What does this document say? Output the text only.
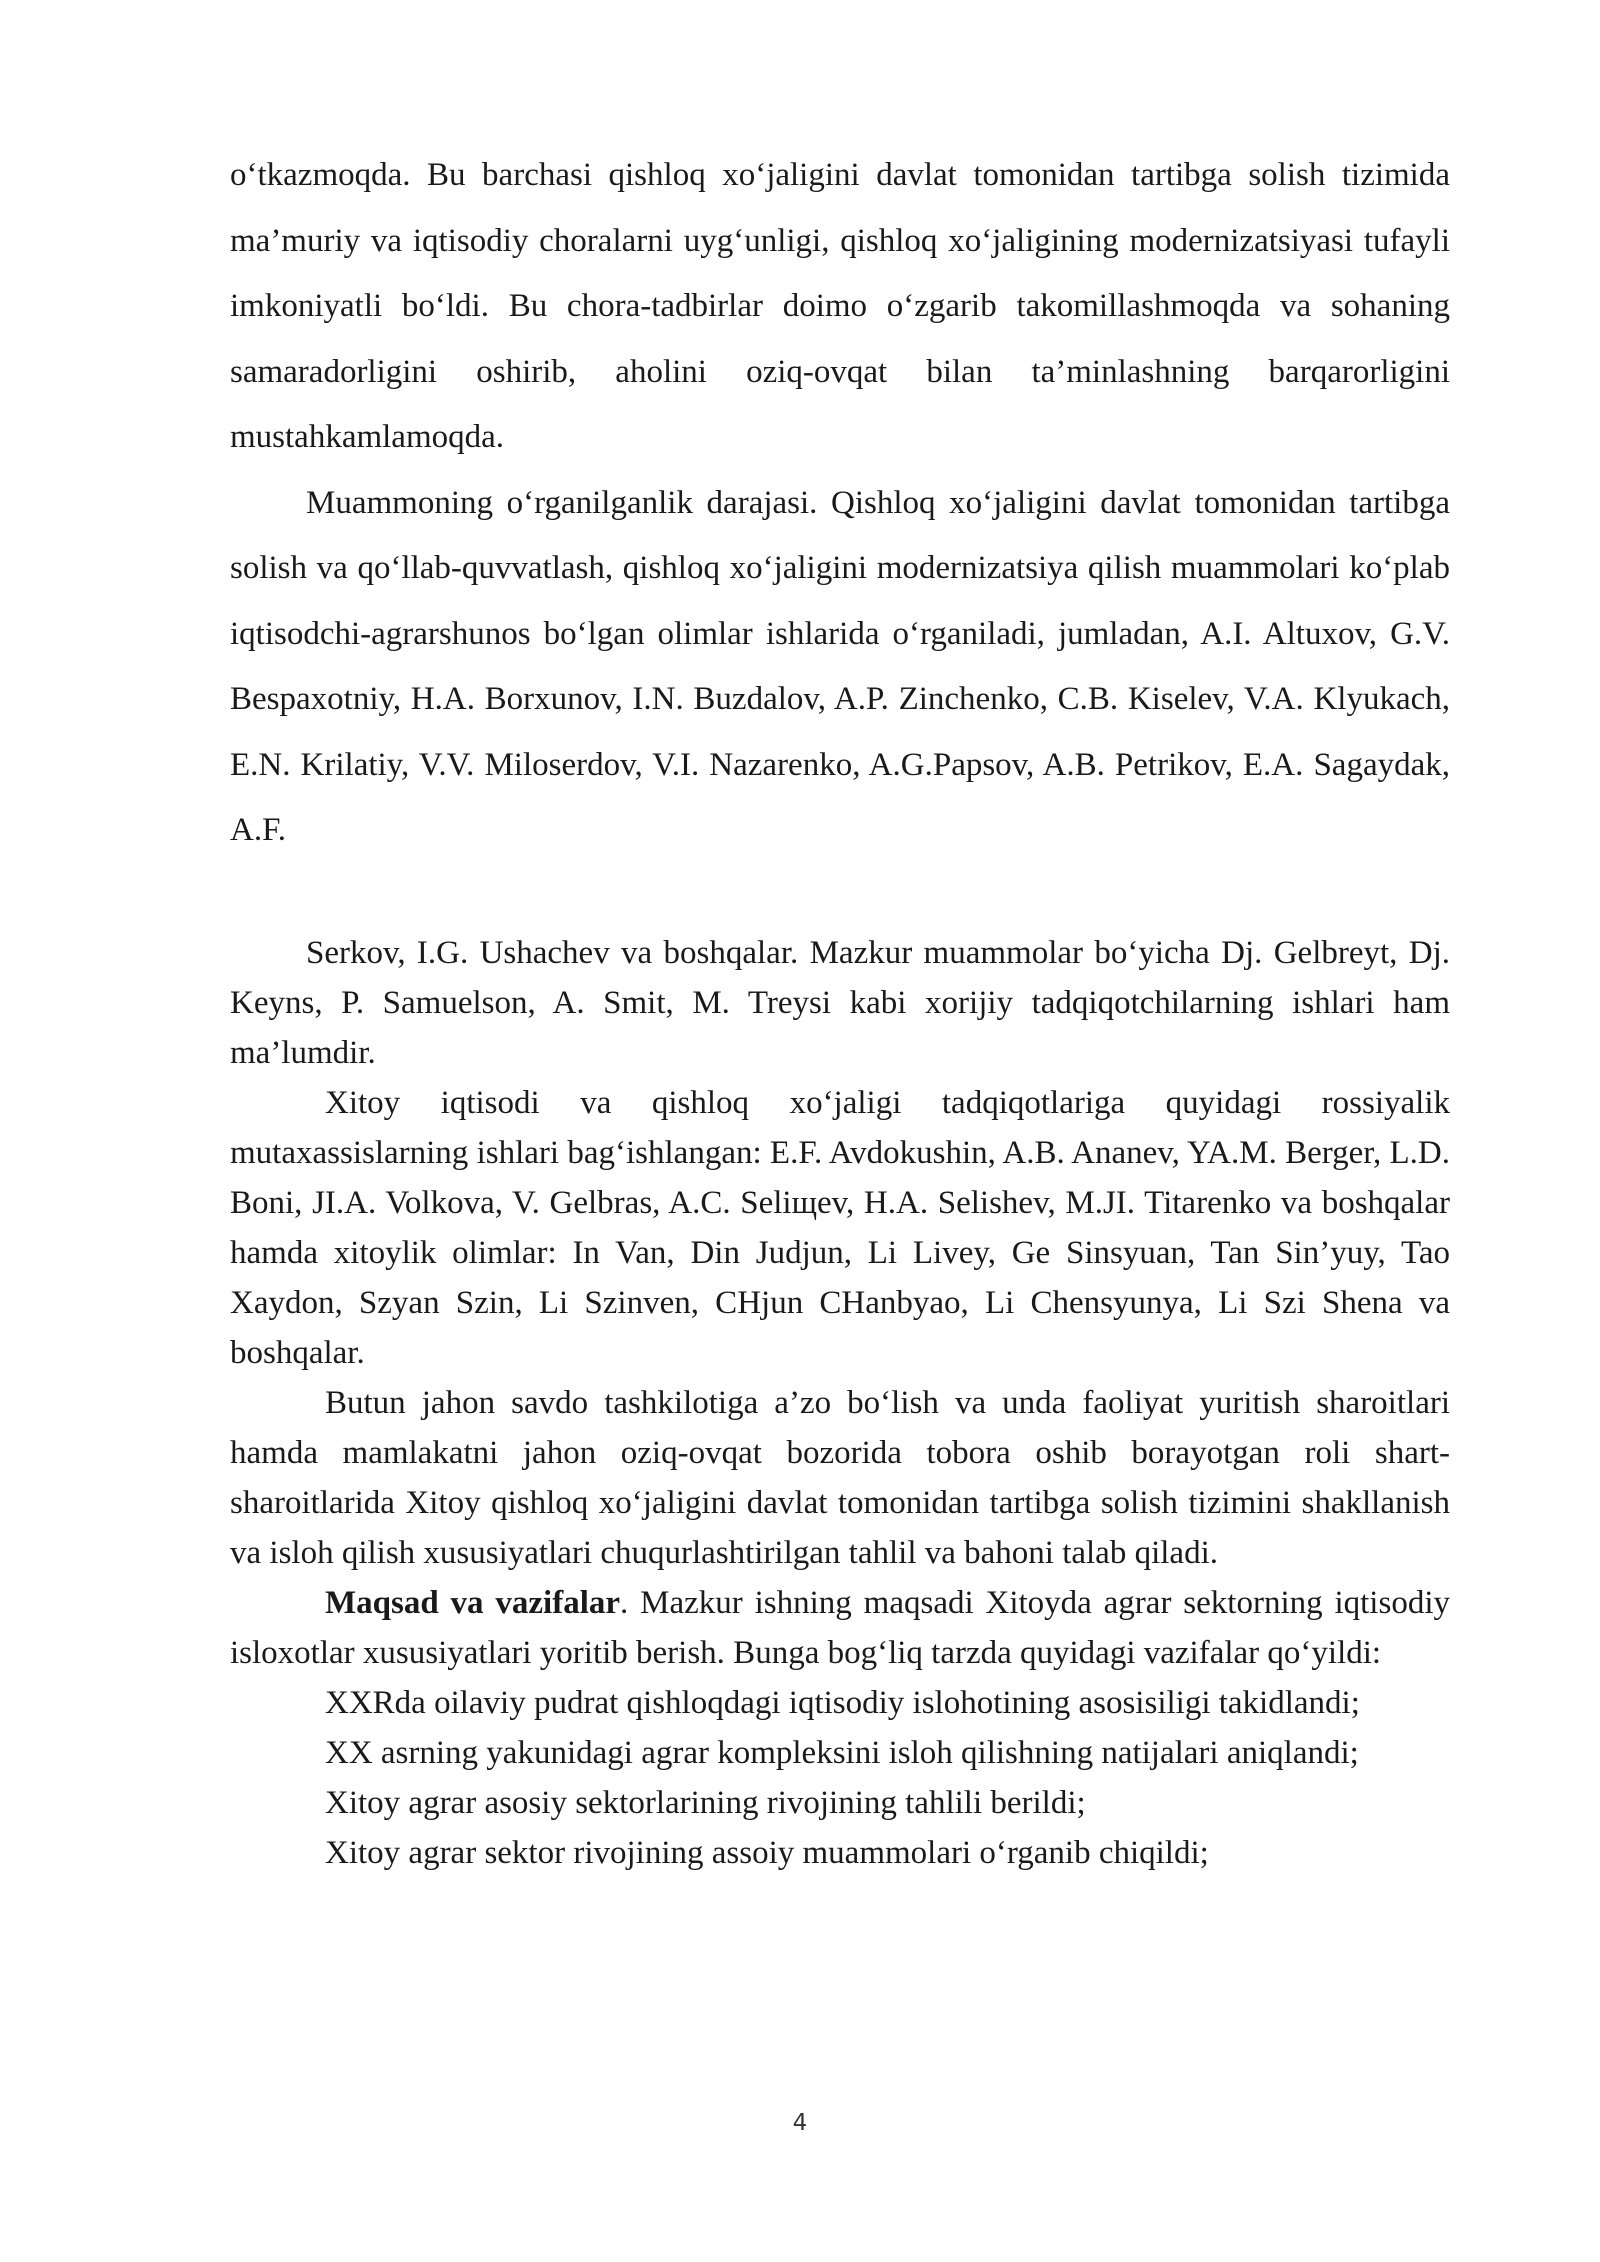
o‘tkazmoqda. Bu barchasi qishloq xo‘jaligini davlat tomonidan tartibga solish tizimida ma’muriy va iqtisodiy choralarni uyg‘unligi, qishloq xo‘jaligining modernizatsiyasi tufayli imkoniyatli bo‘ldi. Bu chora-tadbirlar doimo o‘zgarib takomillashmoqda va sohaning samaradorligini oshirib, aholini oziq-ovqat bilan ta’minlashning barqarorligini mustahkamlamoqda.

Muammoning o‘rganilganlik darajasi. Qishloq xo‘jaligini davlat tomonidan tartibga solish va qo‘llab-quvvatlash, qishloq xo‘jaligini modernizatsiya qilish muammolari ko‘plab iqtisodchi-agrarshunos bo‘lgan olimlar ishlarida o‘rganiladi, jumladan, A.I. Altuxov, G.V. Bespaxotniy, H.A. Borxunov, I.N. Buzdalov, A.P. Zinchenko, C.B. Kiselev, V.A. Klyukach, E.N. Krilatiy, V.V. Miloserdov, V.I. Nazarenko, A.G.Papsov, A.B. Petrikov, E.A. Sagaydak, A.F.

Serkov, I.G. Ushachev va boshqalar. Mazkur muammolar bo‘yicha Dj. Gelbreyt, Dj. Keyns, P. Samuelson, A. Smit, M. Treysi kabi xorijiy tadqiqotchilarning ishlari ham ma’lumdir.

Xitoy iqtisodi va qishloq xo‘jaligi tadqiqotlariga quyidagi rossiyalik mutaxassislarning ishlari bag‘ishlangan: E.F. Avdokushin, A.B. Ananev, YA.M. Berger, L.D. Boni, JI.A. Volkova, V. Gelbras, A.C. Seliщev, H.A. Selishev, M.JI. Titarenko va boshqalar hamda xitoylik olimlar: In Van, Din Judjun, Li Livey, Ge Sinsyuan, Tan Sin’yuy, Tao Xaydon, Szyan Szin, Li Szinven, CHjun CHanbyao, Li Chensyunya, Li Szi Shena va boshqalar.

Butun jahon savdo tashkilotiga a’zo bo‘lish va unda faoliyat yuritish sharoitlari hamda mamlakatni jahon oziq-ovqat bozorida tobora oshib borayotgan roli shart-sharoitlarida Xitoy qishloq xo‘jaligini davlat tomonidan tartibga solish tizimini shakllanish va isloh qilish xususiyatlari chuqurlashtirilgan tahlil va bahoni talab qiladi.

Maqsad va vazifalar. Mazkur ishning maqsadi Xitoyda agrar sektorning iqtisodiy isloxotlar xususiyatlari yoritib berish. Bunga bog‘liq tarzda quyidagi vazifalar qo‘yildi:

XXRda oilaviy pudrat qishloqdagi iqtisodiy islohotining asosisiligi takidlandi;

XX asrning yakunidagi agrar kompleksini isloh qilishning natijalari aniqlandi;

Xitoy agrar asosiy sektorlarining rivojining tahlili berildi;

Xitoy agrar sektor rivojining assoiy muammolari o‘rganib chiqildi;

4
